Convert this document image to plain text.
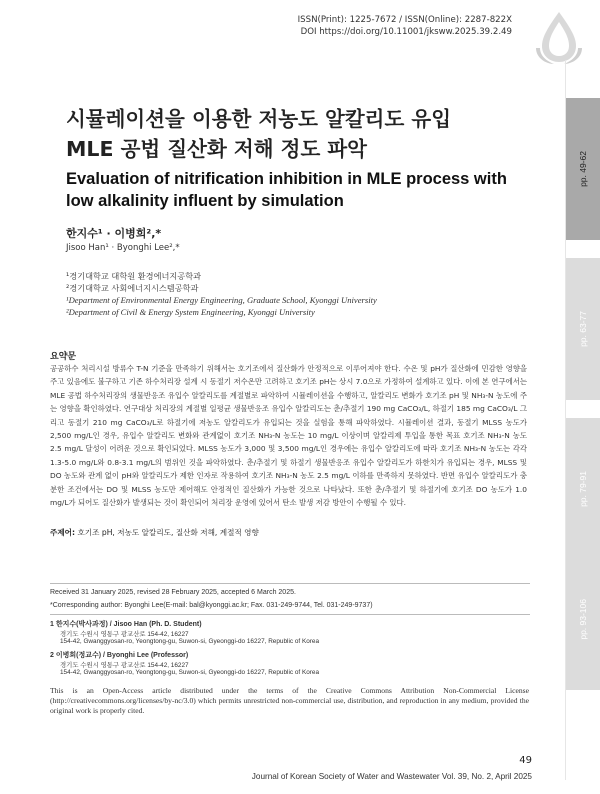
ISSN(Print): 1225-7672 / ISSN(Online): 2287-822X
DOI https://doi.org/10.11001/jksww.2025.39.2.49
pp. 49-62
pp. 63-77
pp. 79-91
pp. 93-106
시뮬레이션을 이용한 저농도 알칼리도 유입
MLE 공법 질산화 저해 정도 파악
Evaluation of nitrification inhibition in MLE process with low alkalinity influent by simulation
한지수¹ · 이병희²,*
Jisoo Han¹ · Byonghi Lee²,*
¹경기대학교 대학원 환경에너지공학과
²경기대학교 사회에너지시스템공학과
¹Department of Environmental Energy Engineering, Graduate School, Kyonggi University
²Department of Civil & Energy System Engineering, Kyonggi University
요약문
공공하수 처리시설 방류수 T-N 기준을 만족하기 위해서는 호기조에서 질산화가 안정적으로 이루어져야 한다. 수온 및 pH가 질산화에 민감한 영향을 주고 있음에도 불구하고 기존 하수처리장 설계 시 동절기 저수온만 고려하고 호기조 pH는 상시 7.0으로 가정하여 설계하고 있다. 이에 본 연구에서는 MLE 공법 하수처리장의 생물반응조 유입수 알칼리도를 계절별로 파악하여 시뮬레이션을 수행하고, 알칼리도 변화가 호기조 pH 및 NH₃-N 농도에 주는 영향을 확인하였다. 연구대상 처리장의 계절별 일평균 생물반응조 유입수 알칼리도는 춘/추절기 190 mg CaCO₃/L, 하절기 185 mg CaCO₃/L 그리고 동절기 210 mg CaCO₃/L로 하절기에 저농도 알칼리도가 유입되는 것을 실험을 통해 파악하였다. 시뮬레이션 결과, 동절기 MLSS 농도가 2,500 mg/L인 경우, 유입수 알칼리도 변화와 관계없이 호기조 NH₃-N 농도는 10 mg/L 이상이며 알칼리제 투입을 통한 목표 호기조 NH₃-N 농도 2.5 mg/L 달성이 어려운 것으로 확인되었다. MLSS 농도가 3,000 및 3,500 mg/L인 경우에는 유입수 알칼리도에 따라 호기조 NH₃-N 농도는 각각 1.3-5.0 mg/L와 0.8-3.1 mg/L의 범위인 것을 파악하였다. 춘/추절기 및 하절기 생물반응조 유입수 알칼리도가 하한치가 유입되는 경우, MLSS 및 DO 농도와 관계 없이 pH와 알칼리도가 제한 인자로 작용하여 호기조 NH₃-N 농도 2.5 mg/L 이하를 만족하지 못하였다. 반면 유입수 알칼리도가 충분한 조건에서는 DO 및 MLSS 농도만 제어해도 안정적인 질산화가 가능한 것으로 나타났다. 또한 춘/추절기 및 하절기에 호기조 DO 농도가 1.0 mg/L가 되어도 질산화가 발생되는 것이 확인되어 처리장 운영에 있어서 탄소 발생 저감 방안이 수행될 수 있다.
주제어: 호기조 pH, 저농도 알칼리도, 질산화 저해, 계절적 영향
Received 31 January 2025, revised 28 February 2025, accepted 6 March 2025.
*Corresponding author: Byonghi Lee(E-mail: bal@kyonggi.ac.kr; Fax. 031-249-9744, Tel. 031-249-9737)
1 한지수(박사과정) / Jisoo Han (Ph. D. Student)
경기도 수원시 영통구 광교산로 154-42, 16227
154-42, Gwanggyosan-ro, Yeongtong-gu, Suwon-si, Gyeonggi-do 16227, Republic of Korea
2 이병희(정교수) / Byonghi Lee (Professor)
경기도 수원시 영통구 광교산로 154-42, 16227
154-42, Gwanggyosan-ro, Yeongtong-gu, Suwon-si, Gyeonggi-do 16227, Republic of Korea
This is an Open-Access article distributed under the terms of the Creative Commons Attribution Non-Commercial License (http://creativecommons.org/licenses/by-nc/3.0) which permits unrestricted non-commercial use, distribution, and reproduction in any medium, provided the original work is properly cited.
49
Journal of Korean Society of Water and Wastewater Vol. 39, No. 2, April 2025
